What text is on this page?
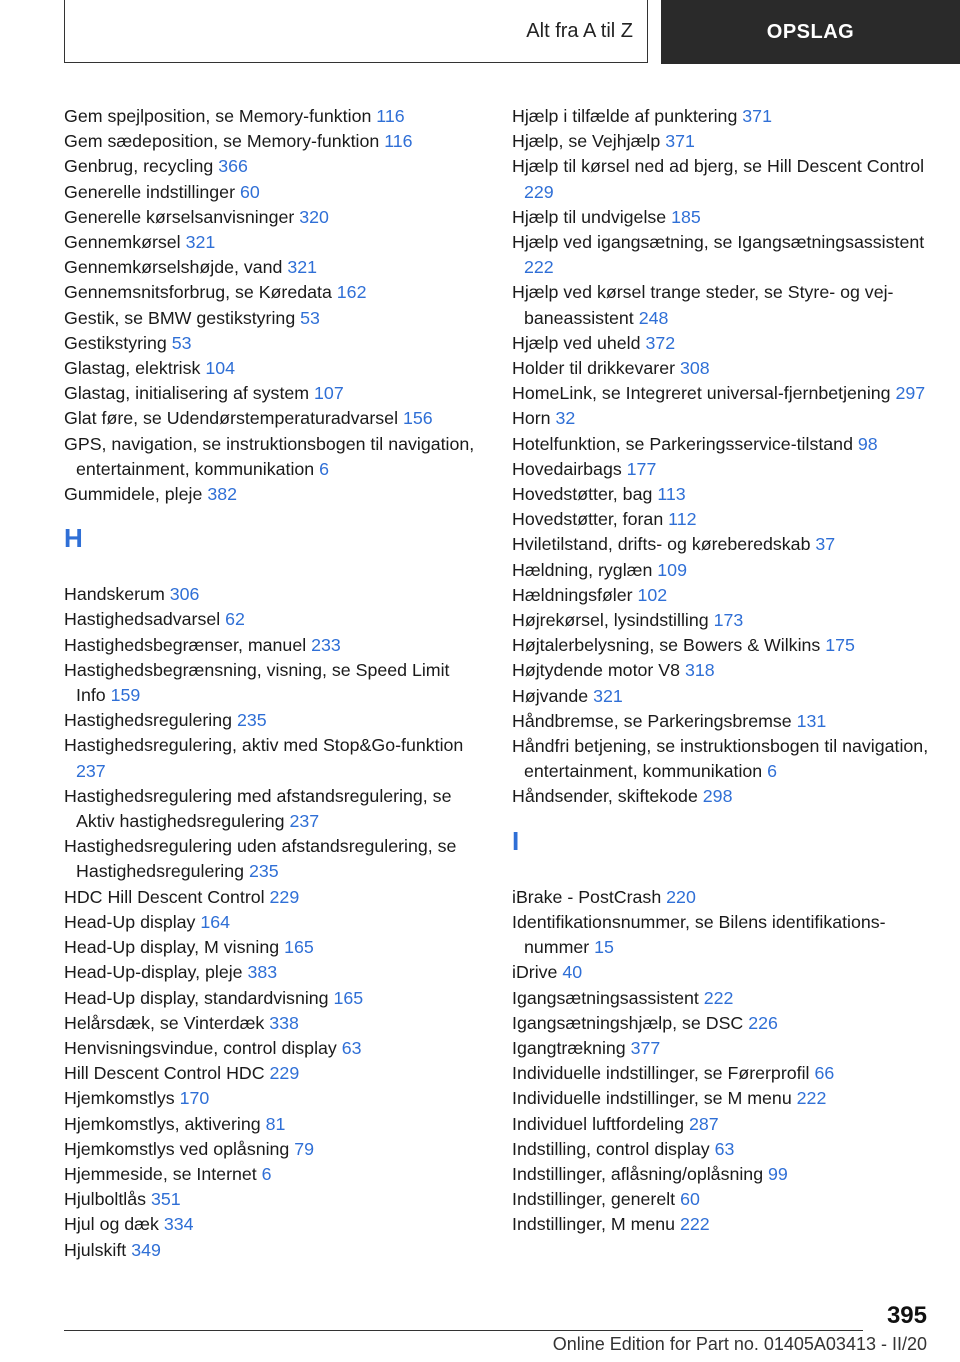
Alt fra A til Z	OPSLAG
Gem spejlposition, se Memory-funktion 116
Gem sædeposition, se Memory-funktion 116
Genbrug, recycling 366
Generelle indstillinger 60
Generelle kørselsanvisninger 320
Gennemkørsel 321
Gennemkørselshøjde, vand 321
Gennemsnitsforbrug, se Køredata 162
Gestik, se BMW gestikstyring 53
Gestikstyring 53
Glastag, elektrisk 104
Glastag, initialisering af system 107
Glat føre, se Udendørstemperaturadvarsel 156
GPS, navigation, se instruktionsbogen til navigation, entertainment, kommunikation 6
Gummidele, pleje 382
H
Handskerum 306
Hastighedsadvarsel 62
Hastighedsbegrænser, manuel 233
Hastighedsbegrænsning, visning, se Speed Limit Info 159
Hastighedsregulering 235
Hastighedsregulering, aktiv med Stop&Go-funktion 237
Hastighedsregulering med afstandsregulering, se Aktiv hastighedsregulering 237
Hastighedsregulering uden afstandsregulering, se Hastighedsregulering 235
HDC Hill Descent Control 229
Head-Up display 164
Head-Up display, M visning 165
Head-Up-display, pleje 383
Head-Up display, standardvisning 165
Helårsdæk, se Vinterdæk 338
Henvisningsvindue, control display 63
Hill Descent Control HDC 229
Hjemkomstlys 170
Hjemkomstlys, aktivering 81
Hjemkomstlys ved oplåsning 79
Hjemmeside, se Internet 6
Hjulboltlås 351
Hjul og dæk 334
Hjulskift 349
Hjælp i tilfælde af punktering 371
Hjælp, se Vejhjælp 371
Hjælp til kørsel ned ad bjerg, se Hill Descent Control 229
Hjælp til undvigelse 185
Hjælp ved igangsætning, se Igangsætningsassistent 222
Hjælp ved kørsel trange steder, se Styre- og vejbaneassistent 248
Hjælp ved uheld 372
Holder til drikkevarer 308
HomeLink, se Integreret universal-fjernbetjening 297
Horn 32
Hotelfunktion, se Parkeringsservice-tilstand 98
Hovedairbags 177
Hovedstøtter, bag 113
Hovedstøtter, foran 112
Hviletilstand, drifts- og kørеberedskab 37
Hældning, ryglæn 109
Hældningsføler 102
Højrekørsel, lysindstilling 173
Højtalerbelysning, se Bowers & Wilkins 175
Højtydende motor V8 318
Højvande 321
Håndbremse, se Parkeringsbremse 131
Håndfri betjening, se instruktionsbogen til navigation, entertainment, kommunikation 6
Håndsender, skiftekode 298
I
iBrake - PostCrash 220
Identifikationsnummer, se Bilens identifikationsnummer 15
iDrive 40
Igangsætningsassistent 222
Igangsætningshjælp, se DSC 226
Igangtrækning 377
Individuelle indstillinger, se Førerprofil 66
Individuelle indstillinger, se M menu 222
Individuel luftfordeling 287
Indstilling, control display 63
Indstillinger, aflåsning/oplåsning 99
Indstillinger, generelt 60
Indstillinger, M menu 222
395
Online Edition for Part no. 01405A03413 - II/20
